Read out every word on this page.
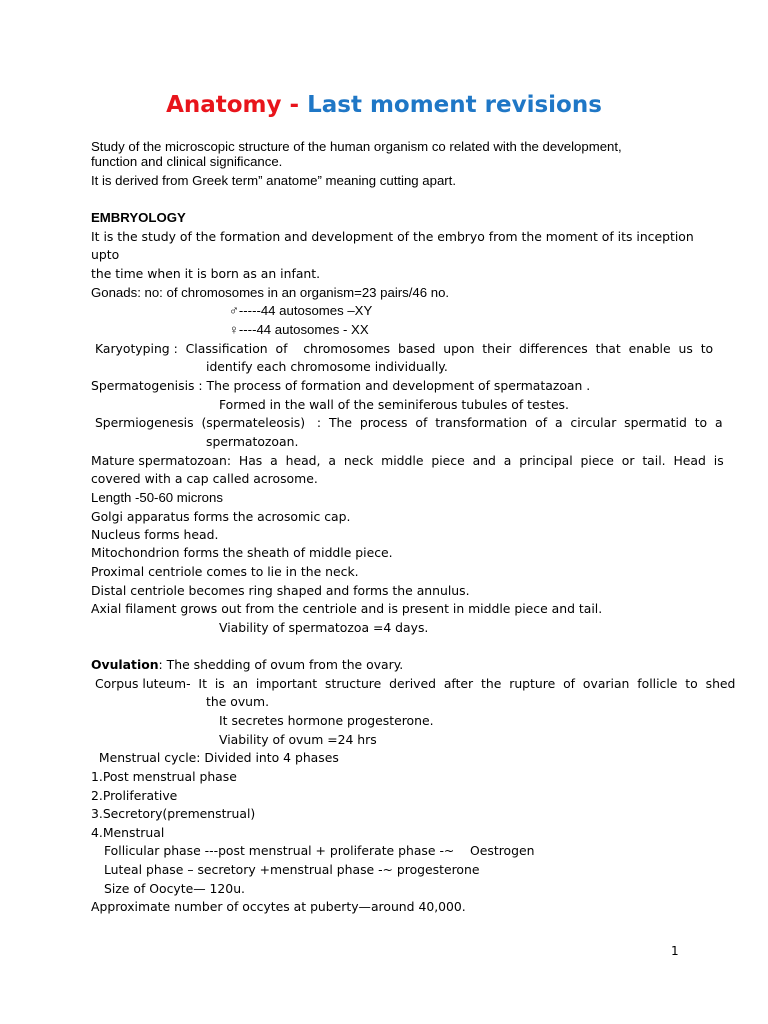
Anatomy - Last moment revisions
Study of the microscopic structure of the human organism co related with the development,
function and clinical significance.
It is derived from Greek term” anatome” meaning cutting apart.
EMBRYOLOGY
It is the study of the formation and development of the embryo from the moment of its inception
upto
the time when it is born as an infant.
Gonads: no: of chromosomes in an organism=23 pairs/46 no.
♂-----44 autosomes –XY
♀----44 autosomes - XX
Karyotyping :  Classification  of    chromosomes  based  upon  their  differences  that  enable  us  to
identify each chromosome individually.
Spermatogenisis : The process of formation and development of spermatazoan .
Formed in the wall of the seminiferous tubules of testes.
Spermiogenesis  (spermateleosis)   :  The  process  of  transformation  of  a  circular  spermatid  to  a
spermatozoan.
Mature spermatozoan:  Has  a  head,  a  neck  middle  piece  and  a  principal  piece  or  tail.  Head  is
covered with a cap called acrosome.
Length -50-60 microns
Golgi apparatus forms the acrosomic cap.
Nucleus forms head.
Mitochondrion forms the sheath of middle piece.
Proximal centriole comes to lie in the neck.
Distal centriole becomes ring shaped and forms the annulus.
Axial filament grows out from the centriole and is present in middle piece and tail.
Viability of spermatozoa =4 days.
Ovulation: The shedding of ovum from the ovary.
Corpus luteum-  It  is  an  important  structure  derived  after  the  rupture  of  ovarian  follicle  to  shed
the ovum.
It secretes hormone progesterone.
Viability of ovum =24 hrs
Menstrual cycle: Divided into 4 phases
1.Post menstrual phase
2.Proliferative
3.Secretory(premenstrual)
4.Menstrual
Follicular phase ---post menstrual + proliferate phase -~    Oestrogen
Luteal phase – secretory +menstrual phase -~ progesterone
Size of Oocyte— 120u.
Approximate number of occytes at puberty—around 40,000.
1
